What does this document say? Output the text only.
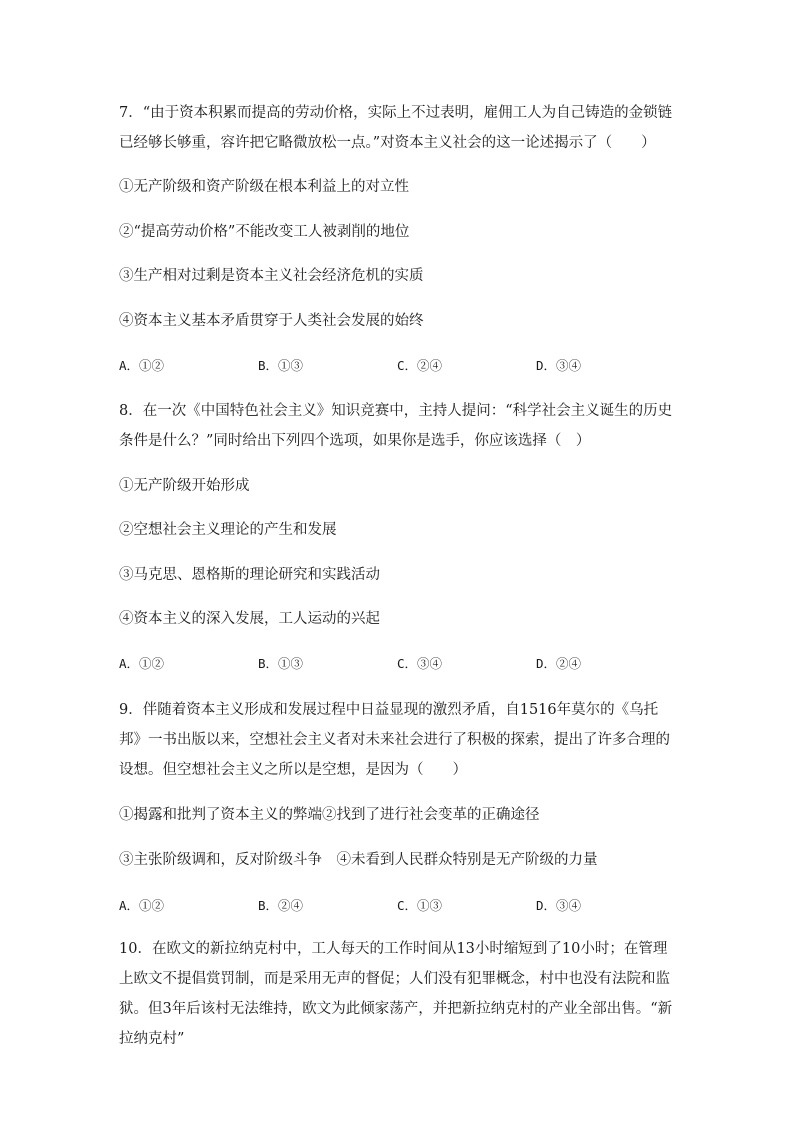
7．“由于资本积累而提高的劳动价格，实际上不过表明，雇佣工人为自己铸造的金锁链已经够长够重，容许把它略微放松一点。”对资本主义社会的这一论述揭示了（　　）

①无产阶级和资产阶级在根本利益上的对立性
②“提高劳动价格”不能改变工人被剥削的地位
③生产相对过剩是资本主义社会经济危机的实质
④资本主义基本矛盾贯穿于人类社会发展的始终
A．①②	B．①③	C．②④	D．③④

8．在一次《中国特色社会主义》知识竞赛中，主持人提问：“科学社会主义诞生的历史条件是什么？”同时给出下列四个选项，如果你是选手，你应该选择（　）

①无产阶级开始形成
②空想社会主义理论的产生和发展
③马克思、恩格斯的理论研究和实践活动
④资本主义的深入发展，工人运动的兴起
A．①②	B．①③	C．③④	D．②④

9．伴随着资本主义形成和发展过程中日益显现的激烈矛盾，自1516年莫尔的《乌托邦》一书出版以来，空想社会主义者对未来社会进行了积极的探索，提出了许多合理的设想。但空想社会主义之所以是空想，是因为（　　）

①揭露和批判了资本主义的弊端②找到了进行社会变革的正确途径
③主张阶级调和，反对阶级斗争　④未看到人民群众特别是无产阶级的力量
A．①②	B．②④	C．①③	D．③④

10．在欧文的新拉纳克村中，工人每天的工作时间从13小时缩短到了10小时；在管理上欧文不提倡赏罚制，而是采用无声的督促；人们没有犯罪概念，村中也没有法院和监狱。但3年后该村无法维持，欧文为此倾家荡产，并把新拉纳克村的产业全部出售。“新拉纳克村”
